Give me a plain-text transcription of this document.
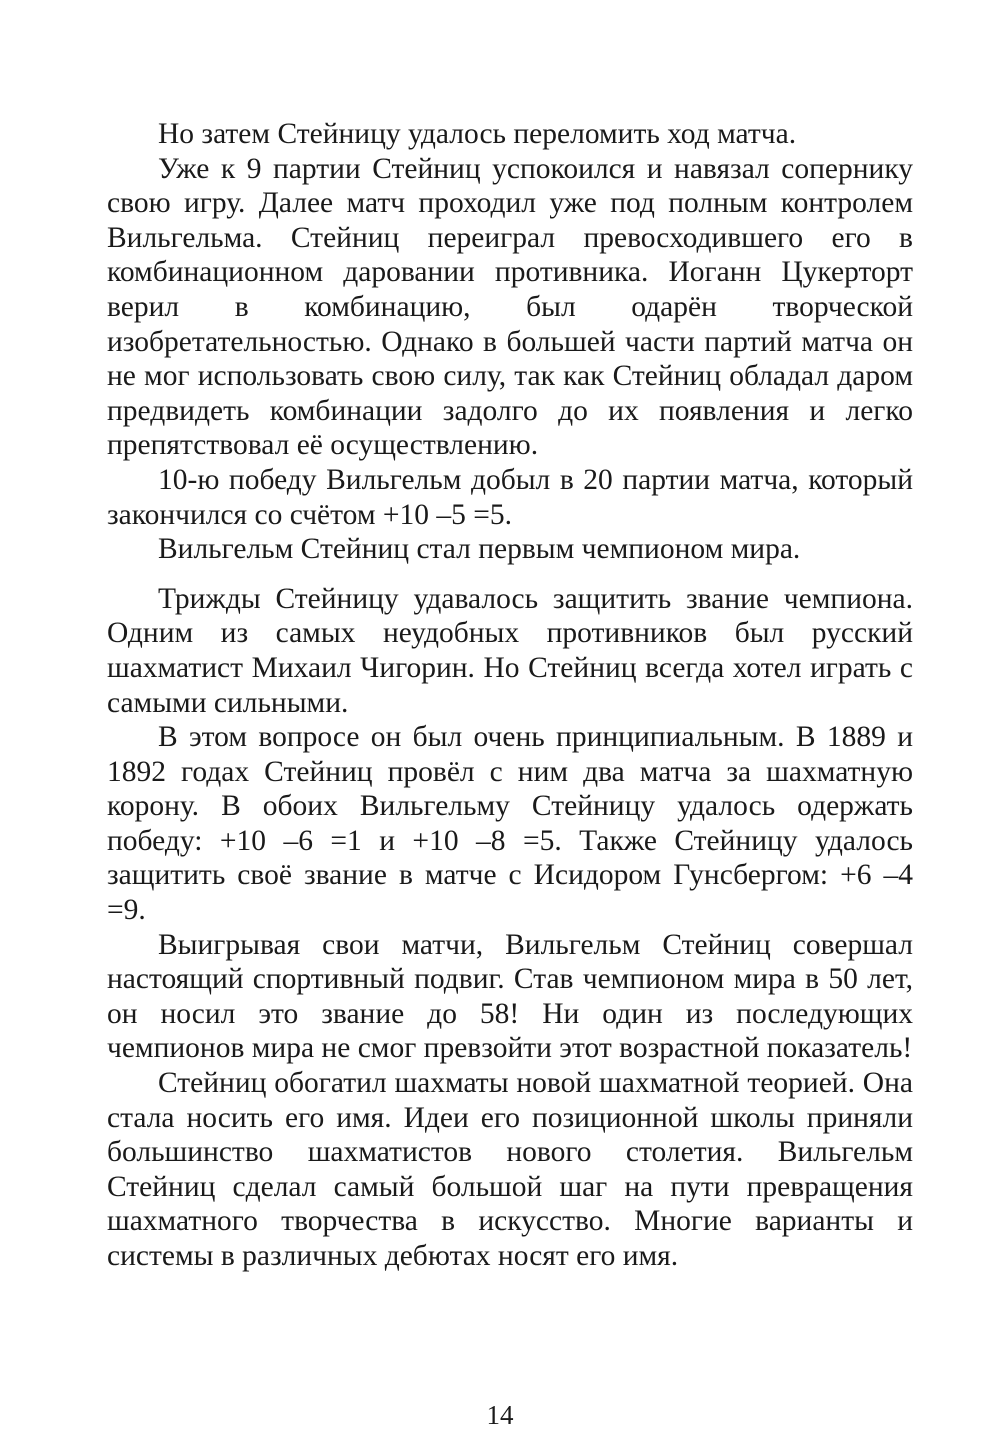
Но затем Стейницу удалось переломить ход матча.

Уже к 9 партии Стейниц успокоился и навязал сопернику свою игру. Далее матч проходил уже под полным контролем Вильгельма. Стейниц переиграл превосходившего его в комбинационном даровании противника. Иоганн Цукерторт верил в комбинацию, был одарён творческой изобретательностью. Однако в большей части партий матча он не мог использовать свою силу, так как Стейниц обладал даром предвидеть комбинации задолго до их появления и легко препятствовал её осуществлению.

10-ю победу Вильгельм добыл в 20 партии матча, который закончился со счётом +10 –5 =5.

Вильгельм Стейниц стал первым чемпионом мира.

Трижды Стейницу удавалось защитить звание чемпиона. Одним из самых неудобных противников был русский шахматист Михаил Чигорин. Но Стейниц всегда хотел играть с самыми сильными.

В этом вопросе он был очень принципиальным. В 1889 и 1892 годах Стейниц провёл с ним два матча за шахматную корону. В обоих Вильгельму Стейницу удалось одержать победу: +10 –6 =1 и +10 –8 =5. Также Стейницу удалось защитить своё звание в матче с Исидором Гунсбергом: +6 –4 =9.

Выигрывая свои матчи, Вильгельм Стейниц совершал настоящий спортивный подвиг. Став чемпионом мира в 50 лет, он носил это звание до 58! Ни один из последующих чемпионов мира не смог превзойти этот возрастной показатель!

Стейниц обогатил шахматы новой шахматной теорией. Она стала носить его имя. Идеи его позиционной школы приняли большинство шахматистов нового столетия. Вильгельм Стейниц сделал самый большой шаг на пути превращения шахматного творчества в искусство. Многие варианты и системы в различных дебютах носят его имя.

14
